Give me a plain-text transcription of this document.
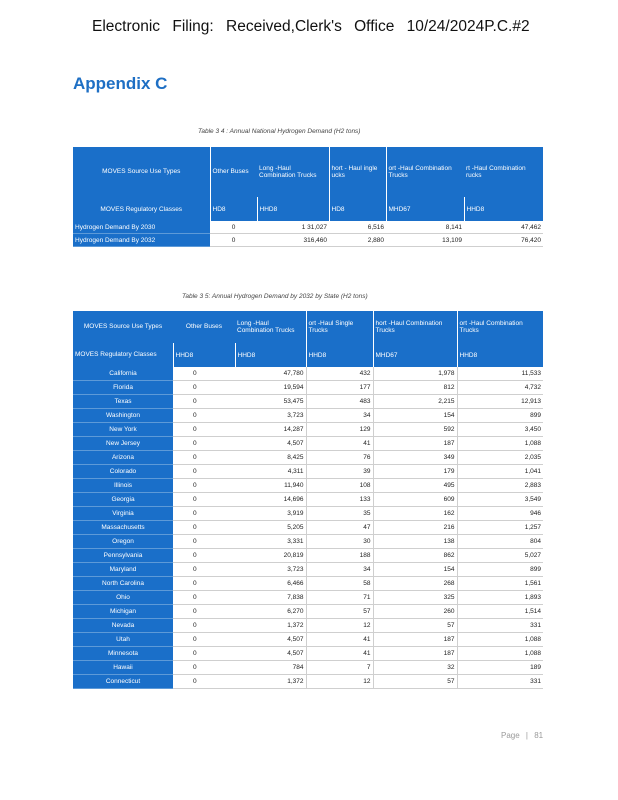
Electronic Filing: Received,Clerk's Office 10/24/2024P.C.#2
Appendix C
Table 3 4 : Annual National Hydrogen Demand (H2 tons)
MOVES Source Use Types	Other Buses	Long -Haul Combination Trucks	hort - Haul ingle ucks	ort -Haul Combination Trucks	rt -Haul Combination rucks
MOVES Regulatory Classes	HD8	HHD8	HD8	MHD67	HHD8
Hydrogen Demand By 2030	0	1 31,027	6,516	8,141	47,462
Hydrogen Demand By 2032	0	316,460	2,880	13,109	76,420
Table 3 5: Annual Hydrogen Demand by 2032 by State (H2 tons)
MOVES Source Use Types	Other Buses	Long -Haul Combination Trucks	ort -Haul Single Trucks	hort -Haul Combination Trucks	ort -Haul Combination Trucks
MOVES Regulatory Classes	HHD8	HHD8	HHD8	MHD67	HHD8
California	0	47,780	432	1,978	11,533
Florida	0	19,594	177	812	4,732
Texas	0	53,475	483	2,215	12,913
Washington	0	3,723	34	154	899
New York	0	14,287	129	592	3,450
New Jersey	0	4,507	41	187	1,088
Arizona	0	8,425	76	349	2,035
Colorado	0	4,311	39	179	1,041
Illinois	0	11,940	108	495	2,883
Georgia	0	14,696	133	609	3,549
Virginia	0	3,919	35	162	946
Massachusetts	0	5,205	47	216	1,257
Oregon	0	3,331	30	138	804
Pennsylvania	0	20,819	188	862	5,027
Maryland	0	3,723	34	154	899
North Carolina	0	6,466	58	268	1,561
Ohio	0	7,838	71	325	1,893
Michigan	0	6,270	57	260	1,514
Nevada	0	1,372	12	57	331
Utah	0	4,507	41	187	1,088
Minnesota	0	4,507	41	187	1,088
Hawaii	0	784	7	32	189
Connecticut	0	1,372	12	57	331
Page | 81
